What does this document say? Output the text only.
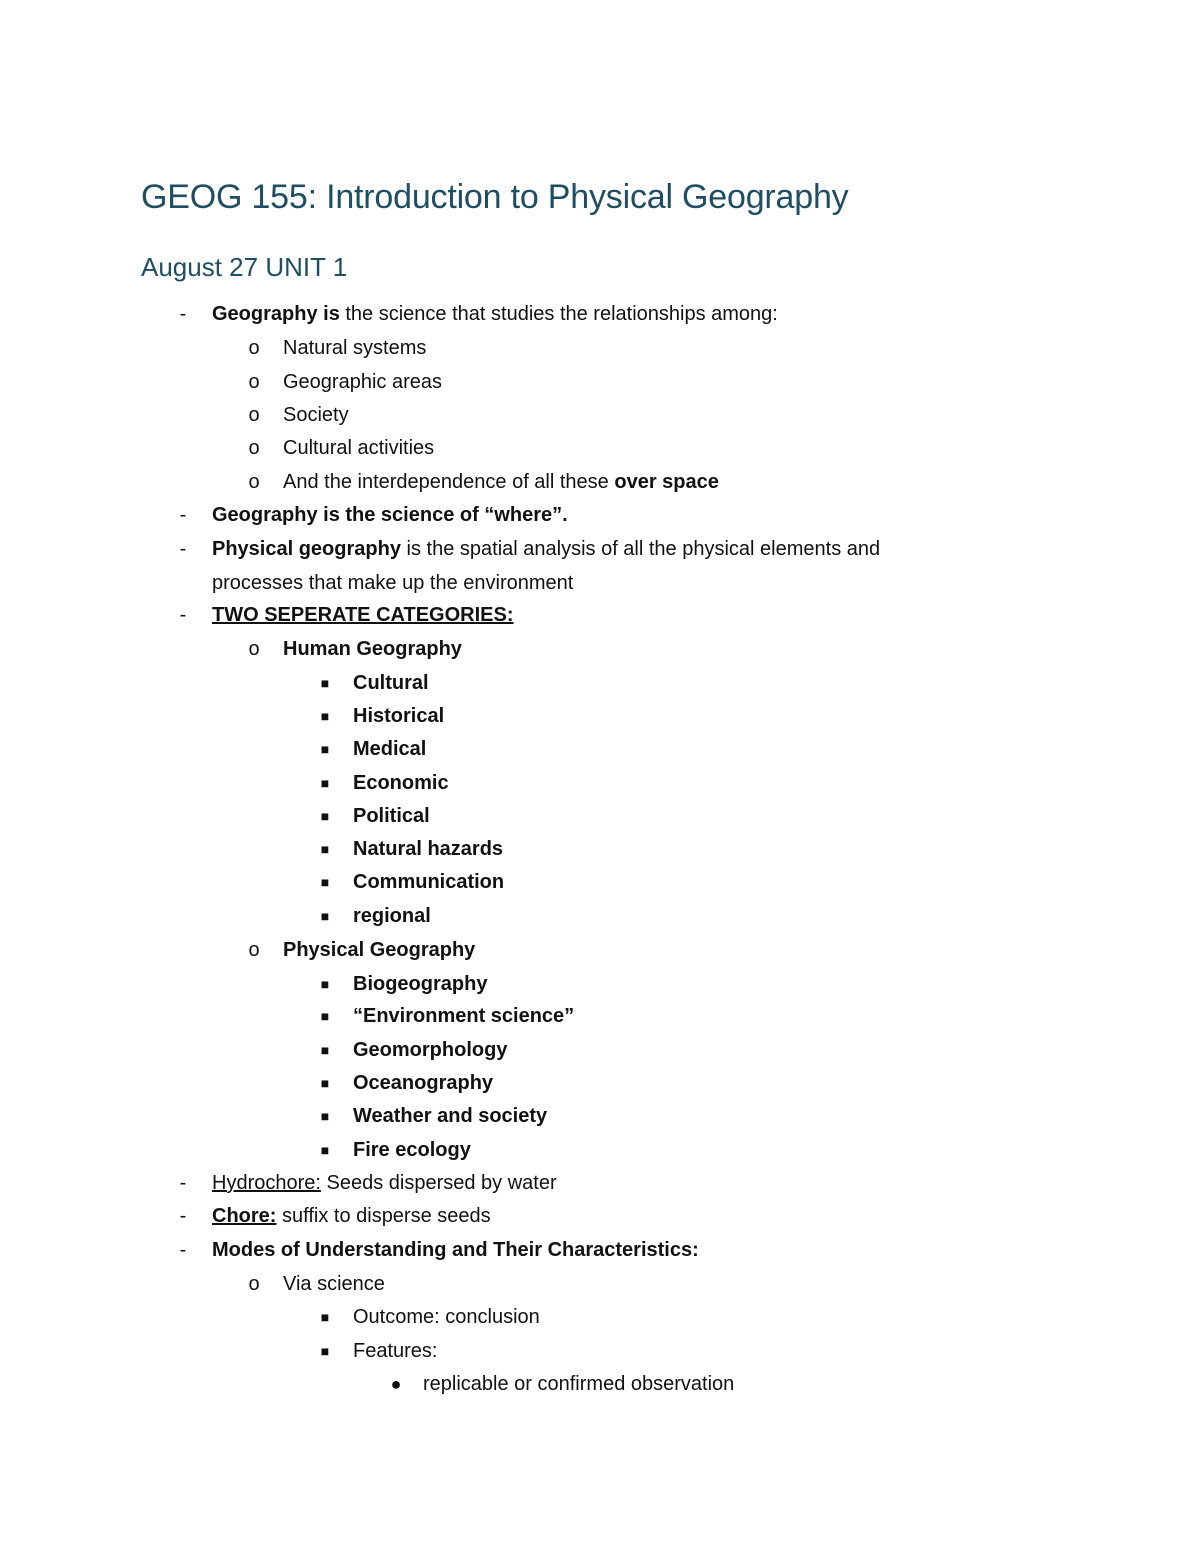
GEOG 155: Introduction to Physical Geography
August 27 UNIT 1
- Geography is the science that studies the relationships among:
o Natural systems
o Geographic areas
o Society
o Cultural activities
o And the interdependence of all these over space
- Geography is the science of “where”.
- Physical geography is the spatial analysis of all the physical elements and
processes that make up the environment
- TWO SEPERATE CATEGORIES:
o Human Geography
■ Cultural
■ Historical
■ Medical
■ Economic
■ Political
■ Natural hazards
■ Communication
■ regional
o Physical Geography
■ Biogeography
■ “Environment science”
■ Geomorphology
■ Oceanography
■ Weather and society
■ Fire ecology
- Hydrochore: Seeds dispersed by water
- Chore: suffix to disperse seeds
- Modes of Understanding and Their Characteristics:
o Via science
■ Outcome: conclusion
■ Features:
● replicable or confirmed observation
